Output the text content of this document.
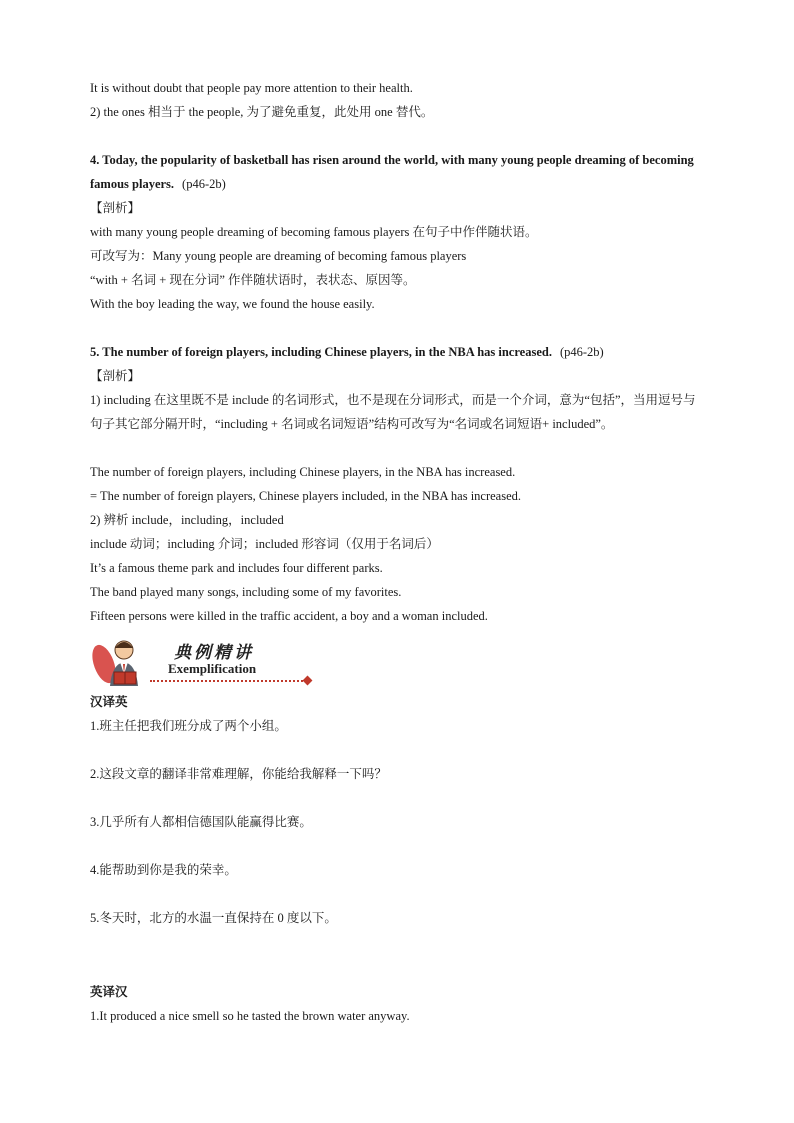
It is without doubt that people pay more attention to their health.
2) the ones 相当于 the people, 为了避免重复，此处用 one 替代。
4. Today, the popularity of basketball has risen around the world, with many young people dreaming of becoming famous players. (p46-2b)
【剖析】
with many young people dreaming of becoming famous players 在句子中作伴随状语。
可改写为：Many young people are dreaming of becoming famous players
“with + 名词 + 现在分词” 作伴随状语时，表状态、原因等。
With the boy leading the way, we found the house easily.
5. The number of foreign players, including Chinese players, in the NBA has increased. (p46-2b)
【剖析】
1) including 在这里既不是 include 的名词形式，也不是现在分词形式，而是一个介词，意为“包括”，当用逗号与句子其它部分隔开时，“including + 名词或名词短语”结构可改写为“名词或名词短语+ included”。
The number of foreign players, including Chinese players, in the NBA has increased.
= The number of foreign players, Chinese players included, in the NBA has increased.
2) 辨析 include，including，included
include 动词；including 介词；included 形容词（仅用于名词后）
It’s a famous theme park and includes four different parks.
The band played many songs, including some of my favorites.
Fifteen persons were killed in the traffic accident, a boy and a woman included.
典例精讲
Exemplification
汉译英
1.班主任把我们班分成了两个小组。
2.这段文章的翻译非常难理解，你能给我解释一下吗？
3.几乎所有人都相信德国队能赢得比赛。
4.能帮助到你是我的荣幸。
5.冬天时，北方的水温一直保持在 0 度以下。
英译汉
1.It produced a nice smell so he tasted the brown water anyway.
